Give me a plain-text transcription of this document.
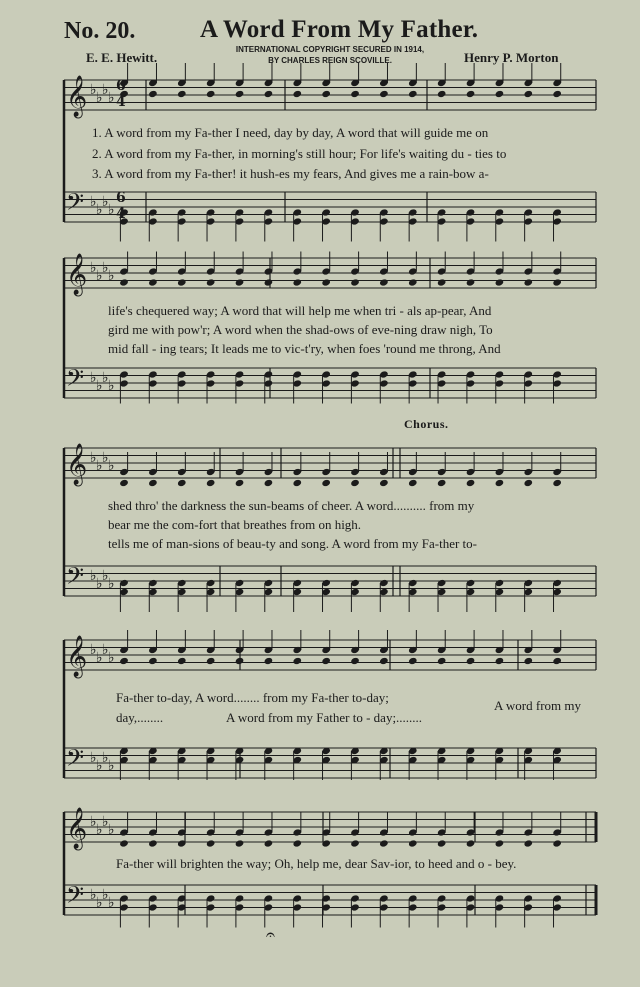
No. 20.	A Word From My Father.
E. E. Hewitt.
INTERNATIONAL COPYRIGHT SECURED IN 1914,
BY CHARLES REIGN SCOVILLE.	Henry P. Morton
𝄞 ♭ ♭ ♭ ♭
𝄢 ♭ ♭ ♭ ♭
𝄞 ♭ ♭ ♭ ♭
𝄢 ♭ ♭ ♭ ♭
𝄞 ♭ ♭ ♭ ♭
𝄢 ♭ ♭ ♭ ♭
𝄞 ♭ ♭ ♭ ♭
𝄢 ♭ ♭ ♭ ♭
𝄞 ♭ ♭ ♭ ♭
𝄢 ♭ ♭ ♭ ♭
6
4
6
4
𝄐
1. A word from my Fa-ther I need, day by day, A word that will guide me on
2. A word from my Fa-ther, in morning's still hour; For life's waiting du - ties to
3. A word from my Fa-ther! it hush-es my fears, And gives me a rain-bow a-
life's chequered way; A word that will help me when tri - als ap-pear, And
gird me with pow'r; A word when the shad-ows of eve-ning draw nigh, To
mid fall - ing tears; It leads me to vic-t'ry, when foes 'round me throng, And
Chorus.
shed thro' the darkness the sun-beams of cheer. A word.......... from my
bear me the com-fort that breathes from on high.
tells me of man-sions of beau-ty and song. A word from my Fa-ther to-
Fa-ther to-day, A word........ from my Fa-ther to-day;
A word from my
day,........	A word from my Father to - day;........
Fa-ther will brighten the way; Oh, help me, dear Sav-ior, to heed and o - bey.
